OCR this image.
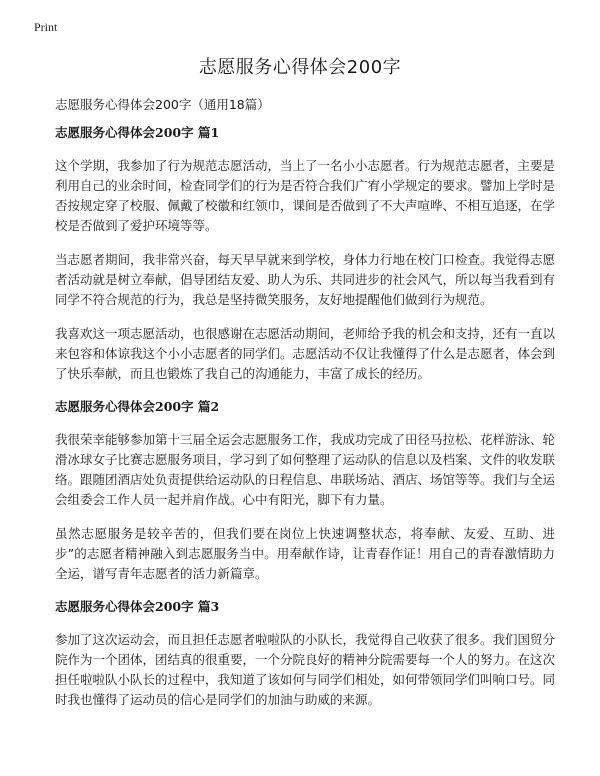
Print
志愿服务心得体会200字

志愿服务心得体会200字（通用18篇）

志愿服务心得体会200字 篇1

这个学期，我参加了行为规范志愿活动，当上了一名小小志愿者。行为规范志愿者，主要是利用自己的业余时间，检查同学们的行为是否符合我们广宥小学规定的要求。譬加上学时是否按规定穿了校服、佩戴了校徽和红领巾，课间是否做到了不大声喧哗、不相互追逐，在学校是否做到了爱护环境等等。

当志愿者期间，我非常兴奋，每天早早就来到学校，身体力行地在校门口检查。我觉得志愿者活动就是树立奉献，倡导团结友爱、助人为乐、共同进步的社会风气，所以每当我看到有同学不符合规范的行为，我总是坚持微笑服务，友好地提醒他们做到行为规范。

我喜欢这一项志愿活动，也很感谢在志愿活动期间，老师给予我的机会和支持，还有一直以来包容和体谅我这个小小志愿者的同学们。志愿活动不仅让我懂得了什么是志愿者，体会到了快乐奉献，而且也锻炼了我自己的沟通能力，丰富了成长的经历。

志愿服务心得体会200字 篇2

我很荣幸能够参加第十三届全运会志愿服务工作，我成功完成了田径马拉松、花样游泳、轮滑冰球女子比赛志愿服务项目，学习到了如何整理了运动队的信息以及档案、文件的收发联络。跟随团酒店处负责提供给运动队的日程信息、串联场站、酒店、场馆等等。我们与全运会组委会工作人员一起并肩作战。心中有阳光，脚下有力量。

虽然志愿服务是较辛苦的，但我们要在岗位上快速调整状态，将奉献、友爱、互助、进步”的志愿者精神融入到志愿服务当中。用奉献作诗，让青春作证！用自己的青春激情助力全运，谱写青年志愿者的活力新篇章。

志愿服务心得体会200字 篇3

参加了这次运动会，而且担任志愿者啦啦队的小队长，我觉得自己收获了很多。我们国贸分院作为一个团体，团结真的很重要，一个分院良好的精神分院需要每一个人的努力。在这次担任啦啦队小队长的过程中，我知道了该如何与同学们相处，如何带领同学们叫响口号。同时我也懂得了运动员的信心是同学们的加油与助威的来源。
